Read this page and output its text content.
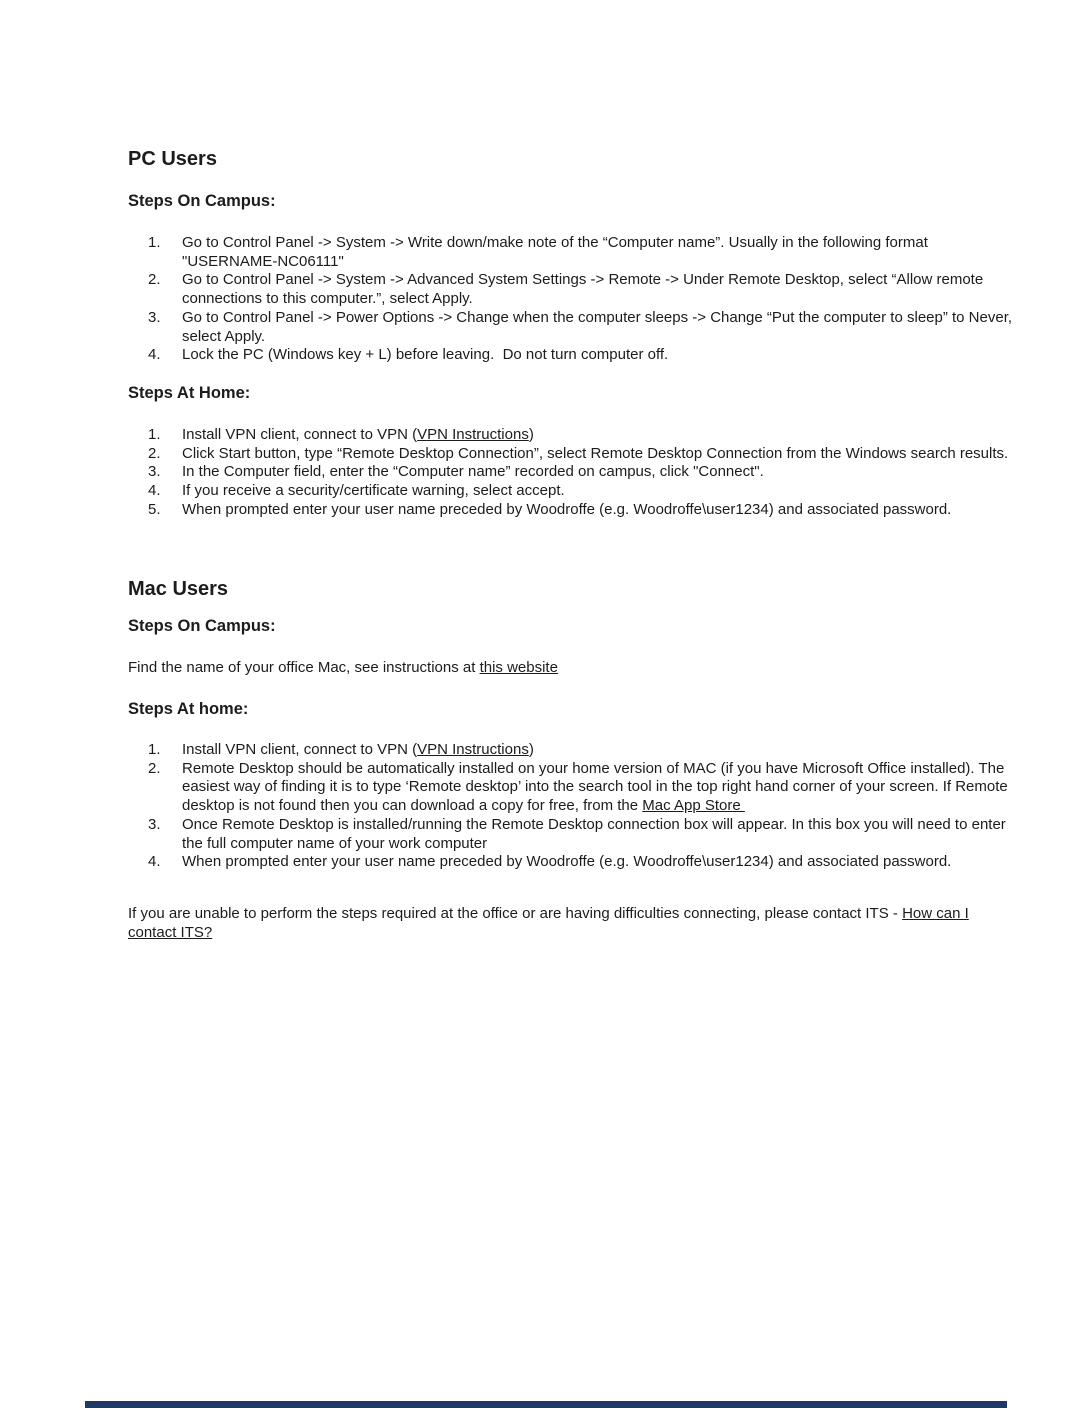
PC Users
Steps On Campus:
1.	Go to Control Panel -> System -> Write down/make note of the “Computer name”. Usually in the following format "USERNAME-NC06111"
2.	Go to Control Panel -> System -> Advanced System Settings -> Remote -> Under Remote Desktop, select “Allow remote connections to this computer.”, select Apply.
3.	Go to Control Panel -> Power Options -> Change when the computer sleeps -> Change “Put the computer to sleep” to Never, select Apply.
4.	Lock the PC (Windows key + L) before leaving.  Do not turn computer off.
Steps At Home:
1.	Install VPN client, connect to VPN (VPN Instructions)
2.	Click Start button, type “Remote Desktop Connection”, select Remote Desktop Connection from the Windows search results.
3.	In the Computer field, enter the “Computer name” recorded on campus, click "Connect".
4.	If you receive a security/certificate warning, select accept.
5.	When prompted enter your user name preceded by Woodroffe (e.g. Woodroffe\user1234) and associated password.
Mac Users
Steps On Campus:
Find the name of your office Mac, see instructions at this website
Steps At home:
1.	Install VPN client, connect to VPN (VPN Instructions)
2.	Remote Desktop should be automatically installed on your home version of MAC (if you have Microsoft Office installed). The easiest way of finding it is to type ‘Remote desktop’ into the search tool in the top right hand corner of your screen. If Remote desktop is not found then you can download a copy for free, from the Mac App Store
3.	Once Remote Desktop is installed/running the Remote Desktop connection box will appear. In this box you will need to enter the full computer name of your work computer
4.	When prompted enter your user name preceded by Woodroffe (e.g. Woodroffe\user1234) and associated password.
If you are unable to perform the steps required at the office or are having difficulties connecting, please contact ITS - How can I contact ITS?
